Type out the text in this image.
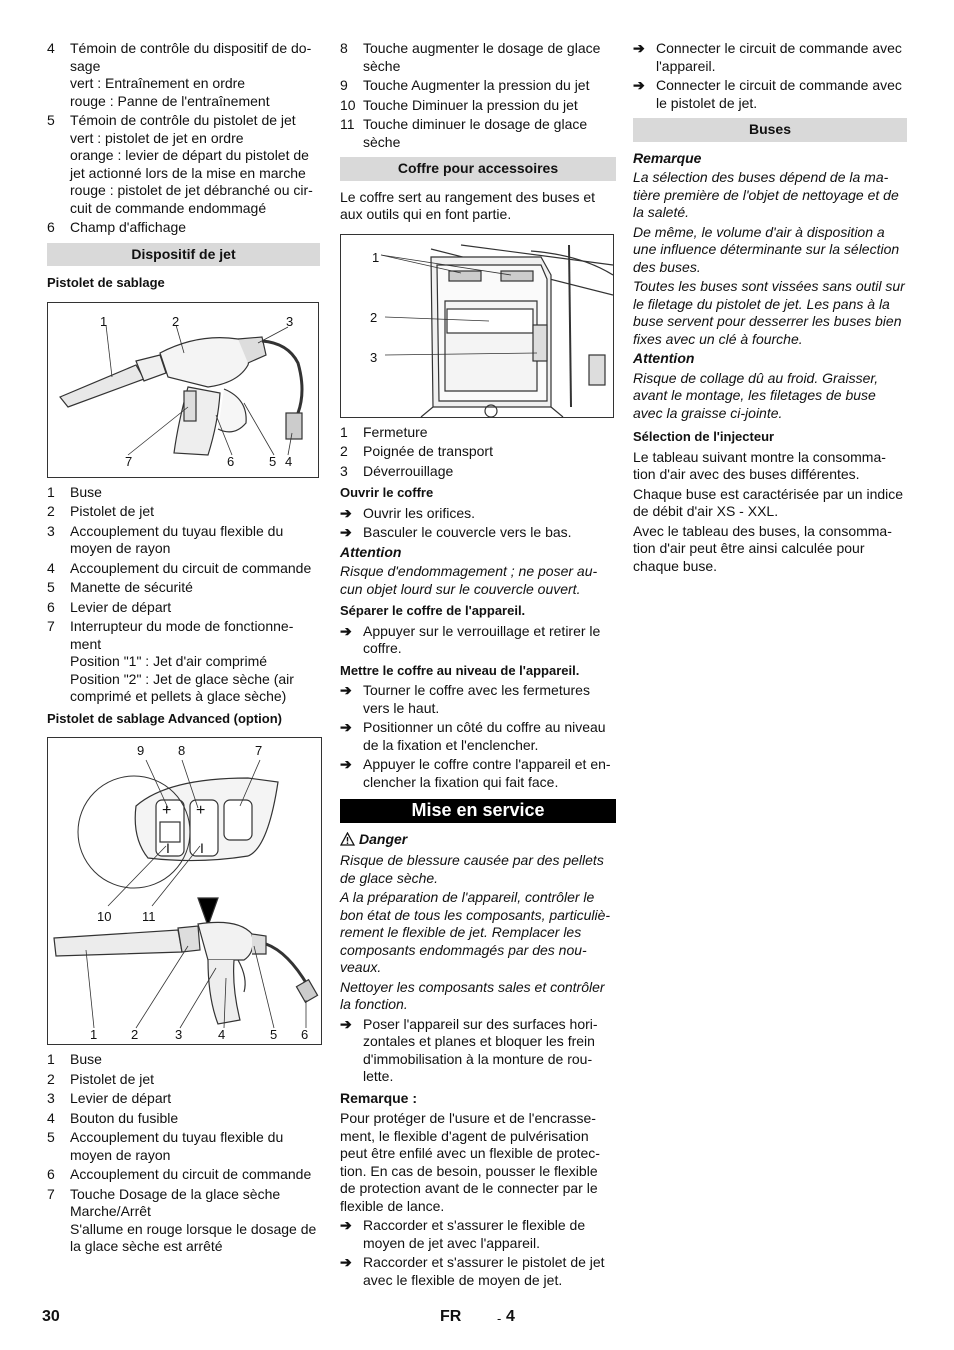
4 Témoin de contrôle du dispositif de do-sage
vert : Entraînement en ordre
rouge : Panne de l'entraînement
5 Témoin de contrôle du pistolet de jet
vert : pistolet de jet en ordre
orange : levier de départ du pistolet de jet actionné lors de la mise en marche
rouge : pistolet de jet débranché ou cir-cuit de commande endommagé
6 Champ d'affichage
Dispositif de jet
Pistolet de sablage
1	2	3
7	6	5 4
1 Buse
2 Pistolet de jet
3 Accouplement du tuyau flexible du moyen de rayon
4 Accouplement du circuit de commande
5 Manette de sécurité
6 Levier de départ
7 Interrupteur du mode de fonctionne-ment
Position "1" : Jet d'air comprimé
Position "2" : Jet de glace sèche (air comprimé et pellets à glace sèche)
Pistolet de sablage Advanced (option)
9	8	7
+ +
I I
10 11
1	2	3	4	5 6
1 Buse
2 Pistolet de jet
3 Levier de départ
4 Bouton du fusible
5 Accouplement du tuyau flexible du moyen de rayon
6 Accouplement du circuit de commande
7 Touche Dosage de la glace sèche Marche/Arrêt
S'allume en rouge lorsque le dosage de la glace sèche est arrêté
8 Touche augmenter le dosage de glace sèche
9 Touche Augmenter la pression du jet
10 Touche Diminuer la pression du jet
11 Touche diminuer le dosage de glace sèche
Coffre pour accessoires

Le coffre sert au rangement des buses et aux outils qui en font partie.

1
2
3
1 Fermeture
2 Poignée de transport
3 Déverrouillage
Ouvrir le coffre
➔ Ouvrir les orifices.
➔ Basculer le couvercle vers le bas.
Attention

Risque d'endommagement ; ne poser au-cun objet lourd sur le couvercle ouvert.

Séparer le coffre de l'appareil.
➔ Appuyer sur le verrouillage et retirer le coffre.
Mettre le coffre au niveau de l'appareil.
➔ Tourner le coffre avec les fermetures vers le haut.
➔ Positionner un côté du coffre au niveau de la fixation et l'enclencher.
➔ Appuyer le coffre contre l'appareil et en-clencher la fixation qui fait face.
Mise en service
Danger

Risque de blessure causée par des pellets de glace sèche.

A la préparation de l'appareil, contrôler le bon état de tous les composants, particuliè-rement le flexible de jet. Remplacer les composants endommagés par des nou-veaux.

Nettoyer les composants sales et contrôler la fonction.

➔ Poser l'appareil sur des surfaces hori-zontales et planes et bloquer les frein d'immobilisation à la monture de rou-lette.
Remarque :

Pour protéger de l'usure et de l'encrasse-ment, le flexible d'agent de pulvérisation peut être enfilé avec un flexible de protec-tion. En cas de besoin, pousser le flexible de protection avant de le connecter par le flexible de lance.

➔ Raccorder et s'assurer le flexible de moyen de jet avec l'appareil.
➔ Raccorder et s'assurer le pistolet de jet avec le flexible de moyen de jet.
➔ Connecter le circuit de commande avec l'appareil.
➔ Connecter le circuit de commande avec le pistolet de jet.
Buses
Remarque

La sélection des buses dépend de la ma-tière première de l'objet de nettoyage et de la saleté.

De même, le volume d'air à disposition a une influence déterminante sur la sélection des buses.

Toutes les buses sont vissées sans outil sur le filetage du pistolet de jet. Les pans à la buse servent pour desserrer les buses bien fixes avec un clé à fourche.

Attention

Risque de collage dû au froid. Graisser, avant le montage, les filetages de buse avec la graisse ci-jointe.

Sélection de l'injecteur

Le tableau suivant montre la consomma-tion d'air avec des buses différentes.

Chaque buse est caractérisée par un indice de débit d'air XS - XXL.

Avec le tableau des buses, la consomma-tion d'air peut être ainsi calculée pour chaque buse.

30	FR	- 4
